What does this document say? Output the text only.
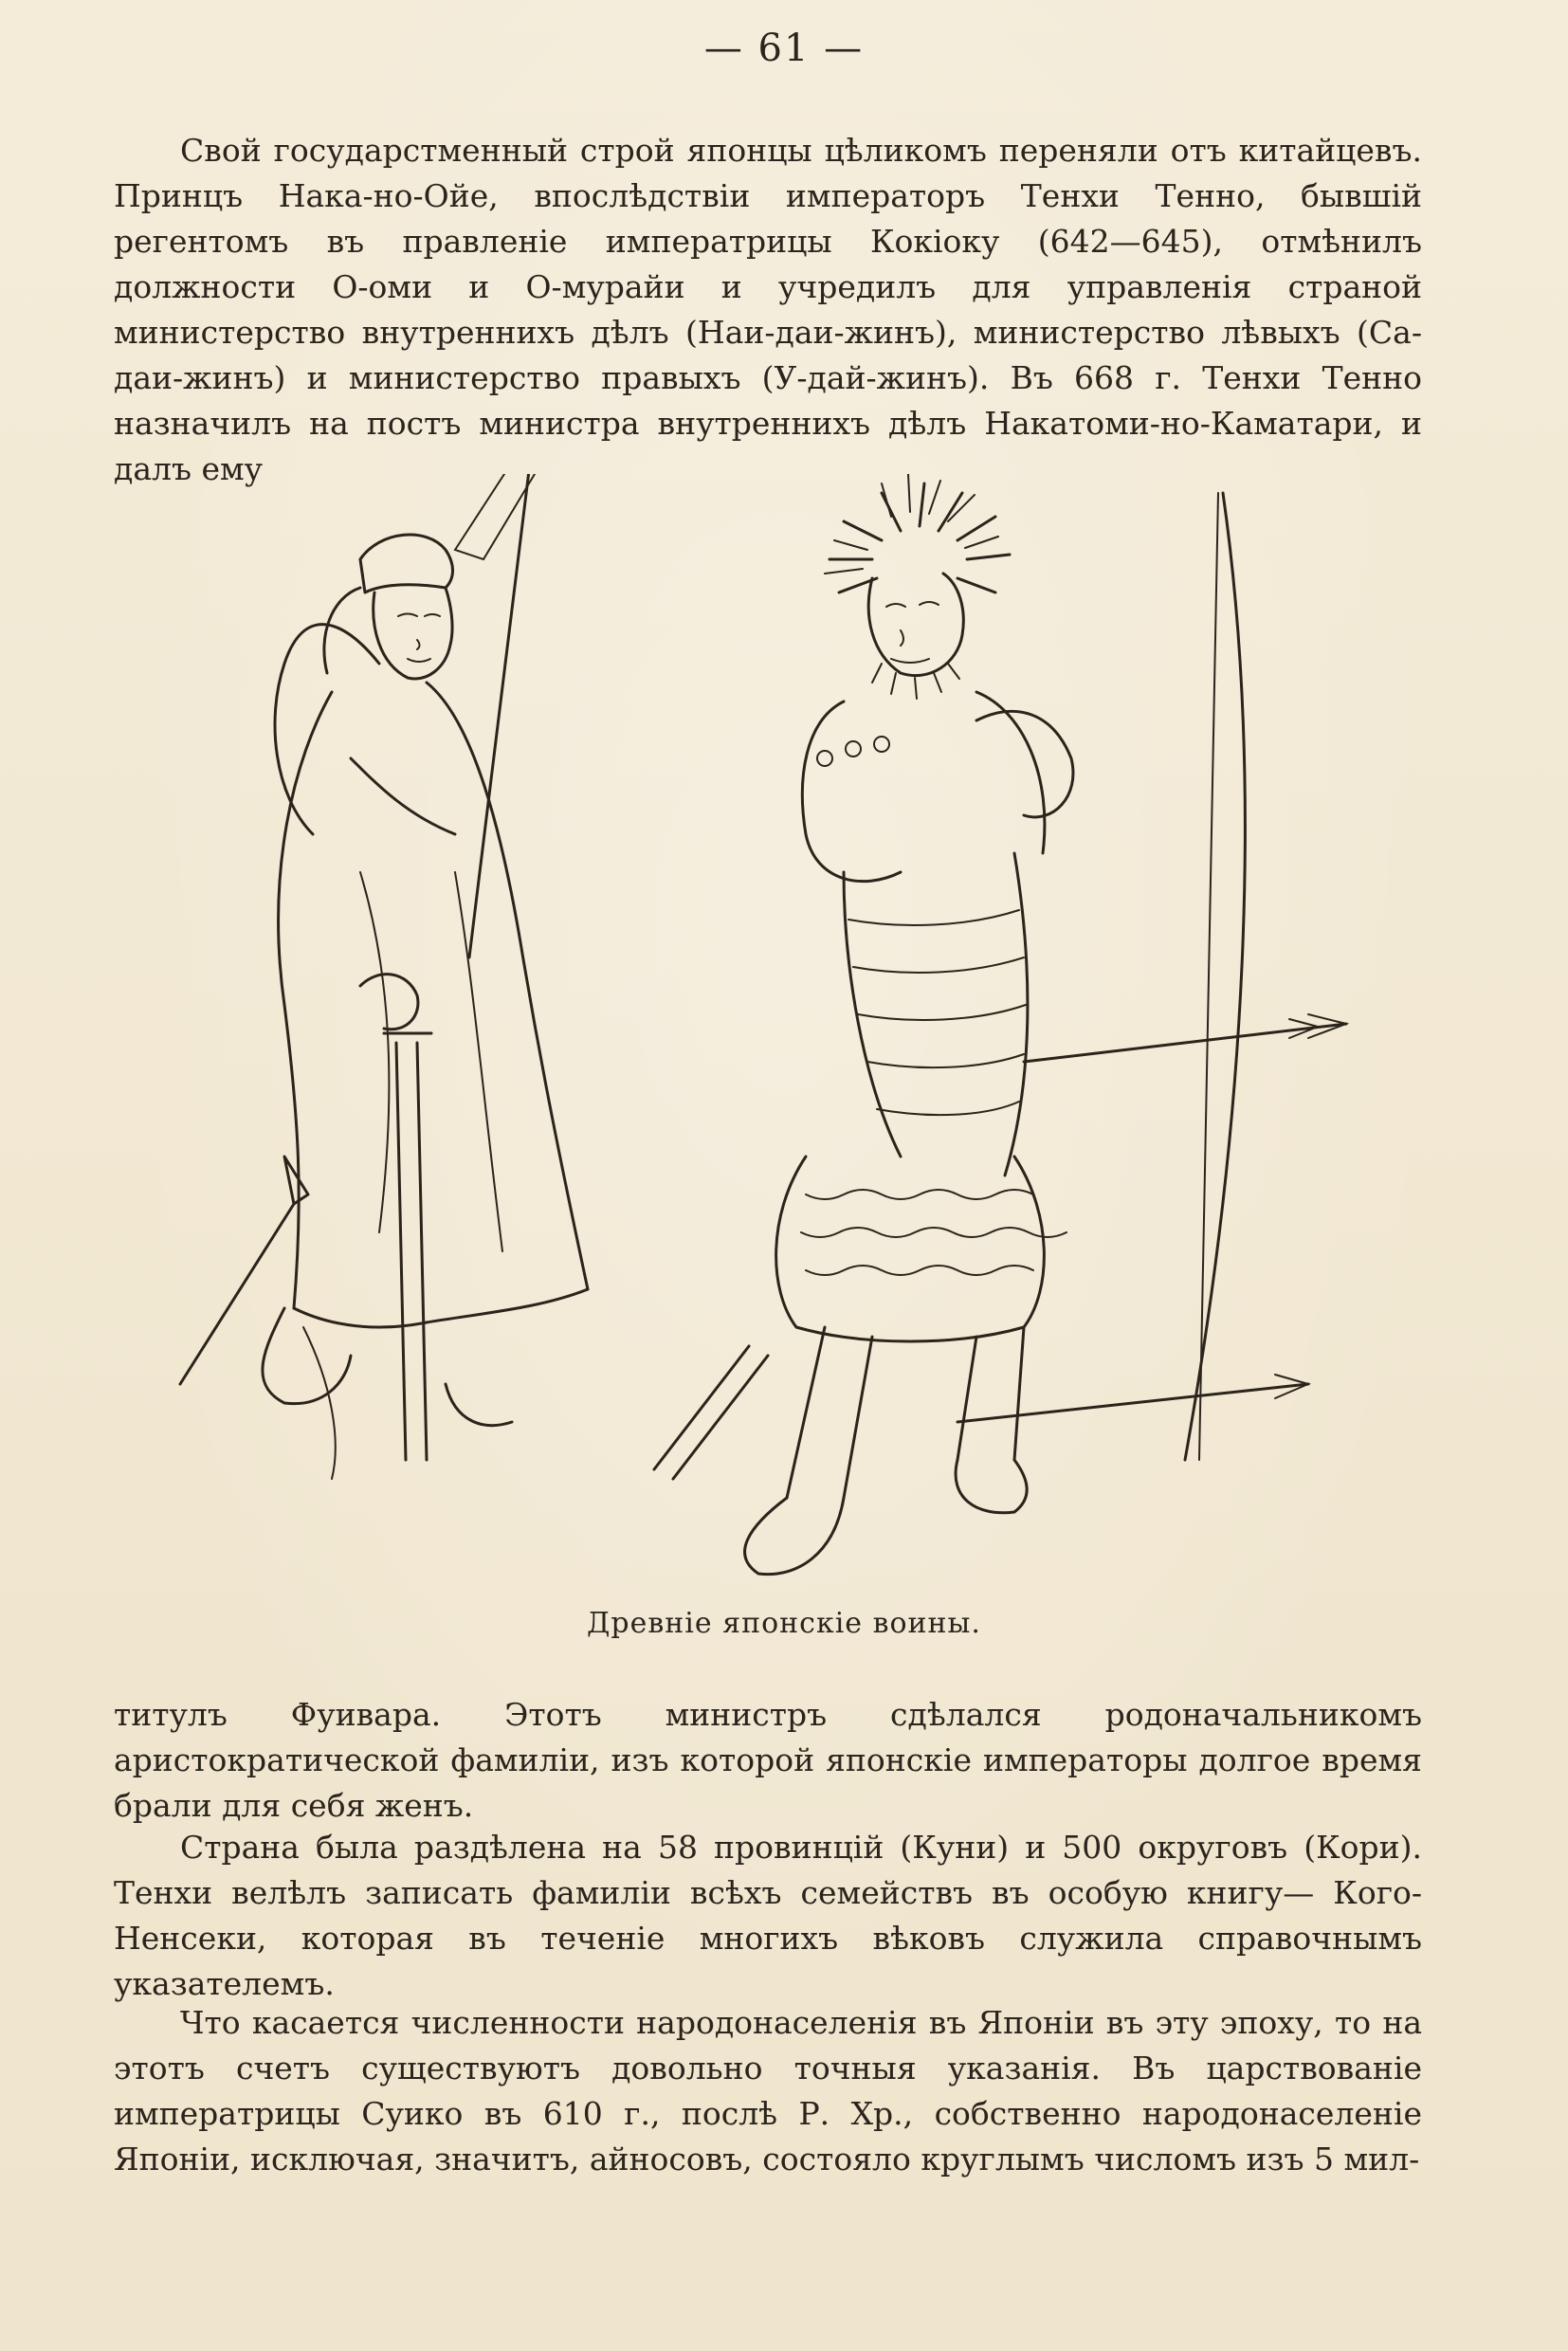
— 61 —

Свой государстменный строй японцы цѣликомъ переняли отъ китайцевъ. Принцъ Нака-но-Ойе, впослѣдствіи императоръ Тенхи Тенно, бывшій регентомъ въ правленіе императрицы Кокіоку (642—645), отмѣнилъ должности О-оми и О-мурайи и учредилъ для управленія страной министерство внутреннихъ дѣлъ (Наи-даи-жинъ), министерство лѣвыхъ (Са-даи-жинъ) и министерство правыхъ (У-дай-жинъ). Въ 668 г. Тенхи Тенно назначилъ на постъ министра внутреннихъ дѣлъ Накатоми-но-Каматари, и далъ ему

Древніе японскіе воины.

титулъ Фуивара. Этотъ министръ сдѣлался родоначальникомъ аристократической фамиліи, изъ которой японскіе императоры долгое время брали для себя женъ.

Страна была раздѣлена на 58 провинцій (Куни) и 500 округовъ (Кори). Тенхи велѣлъ записать фамиліи всѣхъ семействъ въ особую книгу— Кого-Ненсеки, которая въ теченіе многихъ вѣковъ служила справочнымъ указателемъ.

Что касается численности народонаселенія въ Японіи въ эту эпоху, то на этотъ счетъ существуютъ довольно точныя указанія. Въ царствованіе императрицы Суико въ 610 г., послѣ Р. Хр., собственно народонаселеніе Японіи, исключая, значитъ, айносовъ, состояло круглымъ числомъ изъ 5 мил-
